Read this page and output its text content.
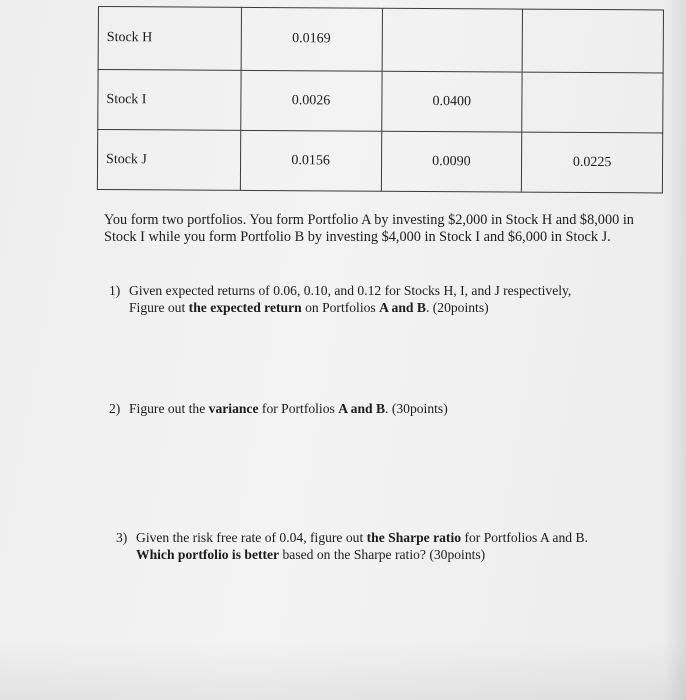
Stock H	0.0169		
Stock I	0.0026	0.0400	
Stock J	0.0156	0.0090	0.0225

You form two portfolios. You form Portfolio A by investing $2,000 in Stock H and $8,000 in Stock I while you form Portfolio B by investing $4,000 in Stock I and $6,000 in Stock J.

1) Given expected returns of 0.06, 0.10, and 0.12 for Stocks H, I, and J respectively,
Figure out the expected return on Portfolios A and B. (20points)
2) Figure out the variance for Portfolios A and B. (30points)
3) Given the risk free rate of 0.04, figure out the Sharpe ratio for Portfolios A and B.
Which portfolio is better based on the Sharpe ratio? (30points)
